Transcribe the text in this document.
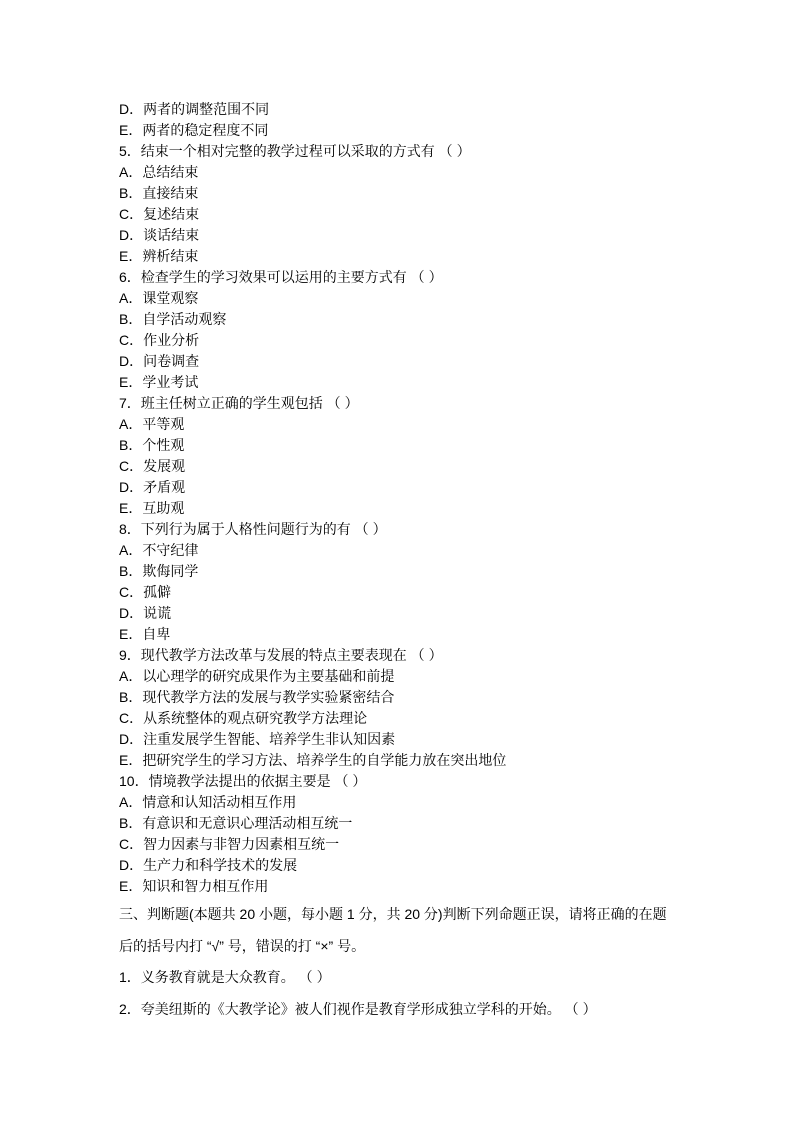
D．两者的调整范围不同
E．两者的稳定程度不同
5．结束一个相对完整的教学过程可以采取的方式有 （ ）
A．总结结束
B．直接结束
C．复述结束
D．谈话结束
E．辨析结束
6．检查学生的学习效果可以运用的主要方式有 （ ）
A．课堂观察
B．自学活动观察
C．作业分析
D．问卷调查
E．学业考试
7．班主任树立正确的学生观包括 （ ）
A．平等观
B．个性观
C．发展观
D．矛盾观
E．互助观
8．下列行为属于人格性问题行为的有 （ ）
A．不守纪律
B．欺侮同学
C．孤僻
D．说谎
E．自卑
9．现代教学方法改革与发展的特点主要表现在 （ ）
A．以心理学的研究成果作为主要基础和前提
B．现代教学方法的发展与教学实验紧密结合
C．从系统整体的观点研究教学方法理论
D．注重发展学生智能、培养学生非认知因素
E．把研究学生的学习方法、培养学生的自学能力放在突出地位
10．情境教学法提出的依据主要是 （ ）
A．情意和认知活动相互作用
B．有意识和无意识心理活动相互统一
C．智力因素与非智力因素相互统一
D．生产力和科学技术的发展
E．知识和智力相互作用
三、判断题(本题共 20 小题，每小题 1 分，共 20 分)判断下列命题正误，请将正确的在题
后的括号内打 “√” 号，错误的打 “×” 号。
1．义务教育就是大众教育。 （ ）
2．夸美纽斯的《大教学论》被人们视作是教育学形成独立学科的开始。 （ ）
